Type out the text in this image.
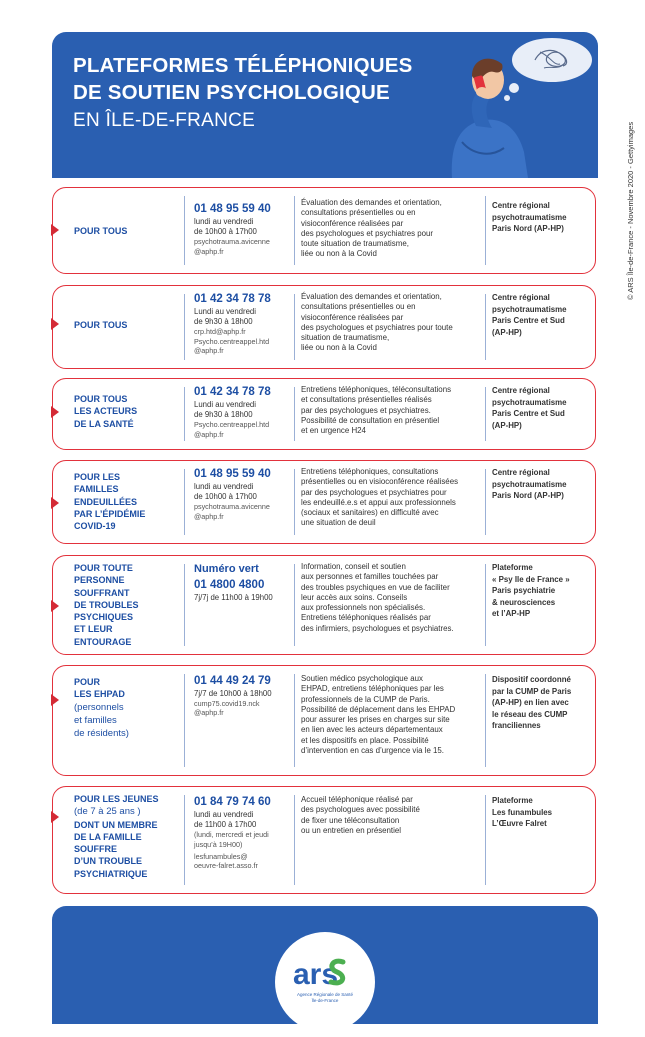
PLATEFORMES TÉLÉPHONIQUES
DE SOUTIEN PSYCHOLOGIQUE

EN ÎLE-DE-FRANCE

© ARS Île-de-France - Novembre 2020 - Gettyimages
POUR TOUS
01 48 95 59 40
lundi au vendredi
de 10h00 à 17h00
psychotrauma.avicenne
@aphp.fr
Évaluation des demandes et orientation,
consultations présentielles ou en
visioconférence réalisées par
des psychologues et psychiatres pour
toute situation de traumatisme,
liée ou non à la Covid
Centre régional
psychotraumatisme
Paris Nord (AP-HP)
POUR TOUS
01 42 34 78 78
Lundi au vendredi
de 9h30 à 18h00
crp.htd@aphp.fr
Psycho.centreappel.htd
@aphp.fr
Évaluation des demandes et orientation,
consultations présentielles ou en
visioconférence réalisées par
des psychologues et psychiatres pour toute
situation de traumatisme,
liée ou non à la Covid
Centre régional
psychotraumatisme
Paris Centre et Sud
(AP-HP)
POUR TOUS
LES ACTEURS
DE LA SANTÉ
01 42 34 78 78
Lundi au vendredi
de 9h30 à 18h00
Psycho.centreappel.htd
@aphp.fr
Entretiens téléphoniques, téléconsultations
et consultations présentielles réalisés
par des psychologues et psychiatres.
Possibilité de consultation en présentiel
et en urgence H24
Centre régional
psychotraumatisme
Paris Centre et Sud
(AP-HP)
POUR LES
FAMILLES
ENDEUILLÉES
PAR L’ÉPIDÉMIE
COVID-19
01 48 95 59 40
lundi au vendredi
de 10h00 à 17h00
psychotrauma.avicenne
@aphp.fr
Entretiens téléphoniques, consultations
présentielles ou en visioconférence réalisées
par des psychologues et psychiatres pour
les endeuillé.e.s et appui aux professionnels
(sociaux et sanitaires) en difficulté avec
une situation de deuil
Centre régional
psychotraumatisme
Paris Nord (AP-HP)
POUR TOUTE
PERSONNE
SOUFFRANT
DE TROUBLES
PSYCHIQUES
ET LEUR
ENTOURAGE
Numéro vert
01 4800 4800
7j/7j de 11h00 à 19h00
Information, conseil et soutien
aux personnes et familles touchées par
des troubles psychiques en vue de faciliter
leur accès aux soins. Conseils
aux professionnels non spécialisés.
Entretiens téléphoniques réalisés par
des infirmiers, psychologues et psychiatres.
Plateforme
« Psy Ile de France »
Paris psychiatrie
& neurosciences
et l’AP-HP
POUR
LES EHPAD
(personnels
et familles
de résidents)
01 44 49 24 79
7j/7 de 10h00 à 18h00
cump75.covid19.nck
@aphp.fr
Soutien médico psychologique aux
EHPAD, entretiens téléphoniques par les
professionnels de la CUMP de Paris.
Possibilité de déplacement dans les EHPAD
pour assurer les prises en charges sur site
en lien avec les acteurs départementaux
et les dispositifs en place. Possibilité
d’intervention en cas d’urgence via le 15.
Dispositif coordonné
par la CUMP de Paris
(AP-HP) en lien avec
le réseau des CUMP
franciliennes
POUR LES JEUNES
(de 7 à 25 ans )
DONT UN MEMBRE
DE LA FAMILLE
SOUFFRE
D’UN TROUBLE
PSYCHIATRIQUE
01 84 79 74 60
lundi au vendredi
de 11h00 à 17h00
(lundi, mercredi et jeudi
jusqu’à 19H00)
lesfunambules@
oeuvre-falret.asso.fr
Accueil téléphonique réalisé par
des psychologues avec possibilité
de fixer une téléconsultation
ou un entretien en présentiel
Plateforme
Les funambules
L’Œuvre Falret
ars
Agence Régionale de Santé
Île-de-France
